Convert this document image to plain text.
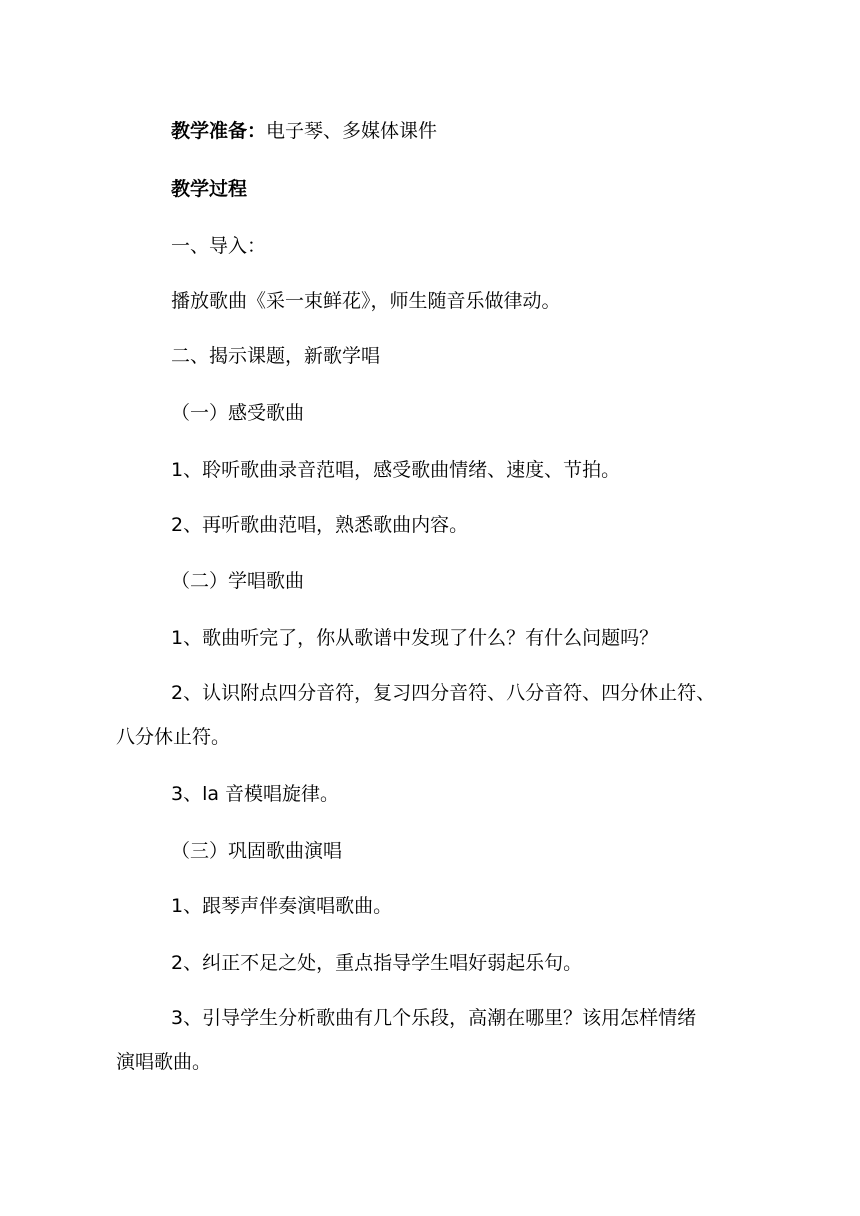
教学准备：电子琴、多媒体课件

教学过程

一、导入：

播放歌曲《采一束鲜花》，师生随音乐做律动。

二、揭示课题，新歌学唱

（一）感受歌曲

1、聆听歌曲录音范唱，感受歌曲情绪、速度、节拍。

2、再听歌曲范唱，熟悉歌曲内容。

（二）学唱歌曲

1、歌曲听完了，你从歌谱中发现了什么？有什么问题吗？

2、认识附点四分音符，复习四分音符、八分音符、四分休止符、

八分休止符。

3、la 音模唱旋律。

（三）巩固歌曲演唱

1、跟琴声伴奏演唱歌曲。

2、纠正不足之处，重点指导学生唱好弱起乐句。

3、引导学生分析歌曲有几个乐段，高潮在哪里？该用怎样情绪

演唱歌曲。
